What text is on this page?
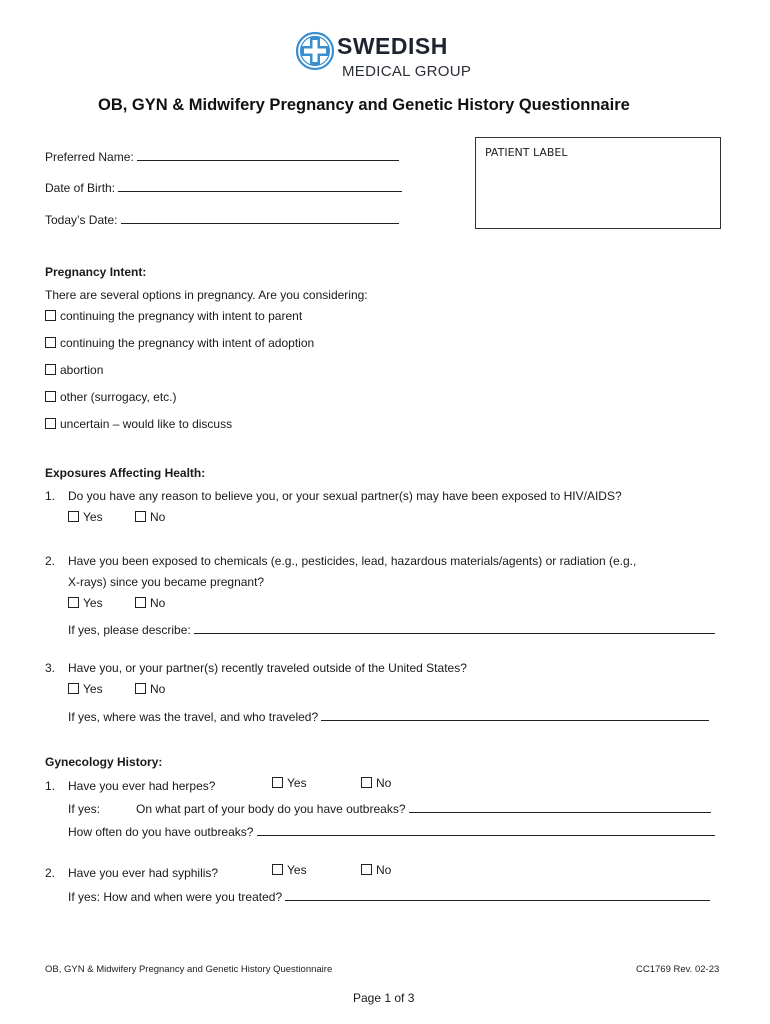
SWEDISH
MEDICAL GROUP
OB, GYN & Midwifery Pregnancy and Genetic History Questionnaire
Preferred Name:
Date of Birth:
Today’s Date:
PATIENT LABEL
Pregnancy Intent:
There are several options in pregnancy. Are you considering:
continuing the pregnancy with intent to parent
continuing the pregnancy with intent of adoption
abortion
other (surrogacy, etc.)
uncertain – would like to discuss
Exposures Affecting Health:
1. Do you have any reason to believe you, or your sexual partner(s) may have been exposed to HIV/AIDS?
Yes	No
2. Have you been exposed to chemicals (e.g., pesticides, lead, hazardous materials/agents) or radiation (e.g.,
X-rays) since you became pregnant?
Yes	No
If yes, please describe:
3. Have you, or your partner(s) recently traveled outside of the United States?
Yes	No
If yes, where was the travel, and who traveled?
Gynecology History:
1. Have you ever had herpes?	Yes	No
If yes:	On what part of your body do you have outbreaks?
How often do you have outbreaks?
2. Have you ever had syphilis?	Yes	No
If yes: How and when were you treated?
OB, GYN & Midwifery Pregnancy and Genetic History Questionnaire	CC1769 Rev. 02-23
Page 1 of 3
